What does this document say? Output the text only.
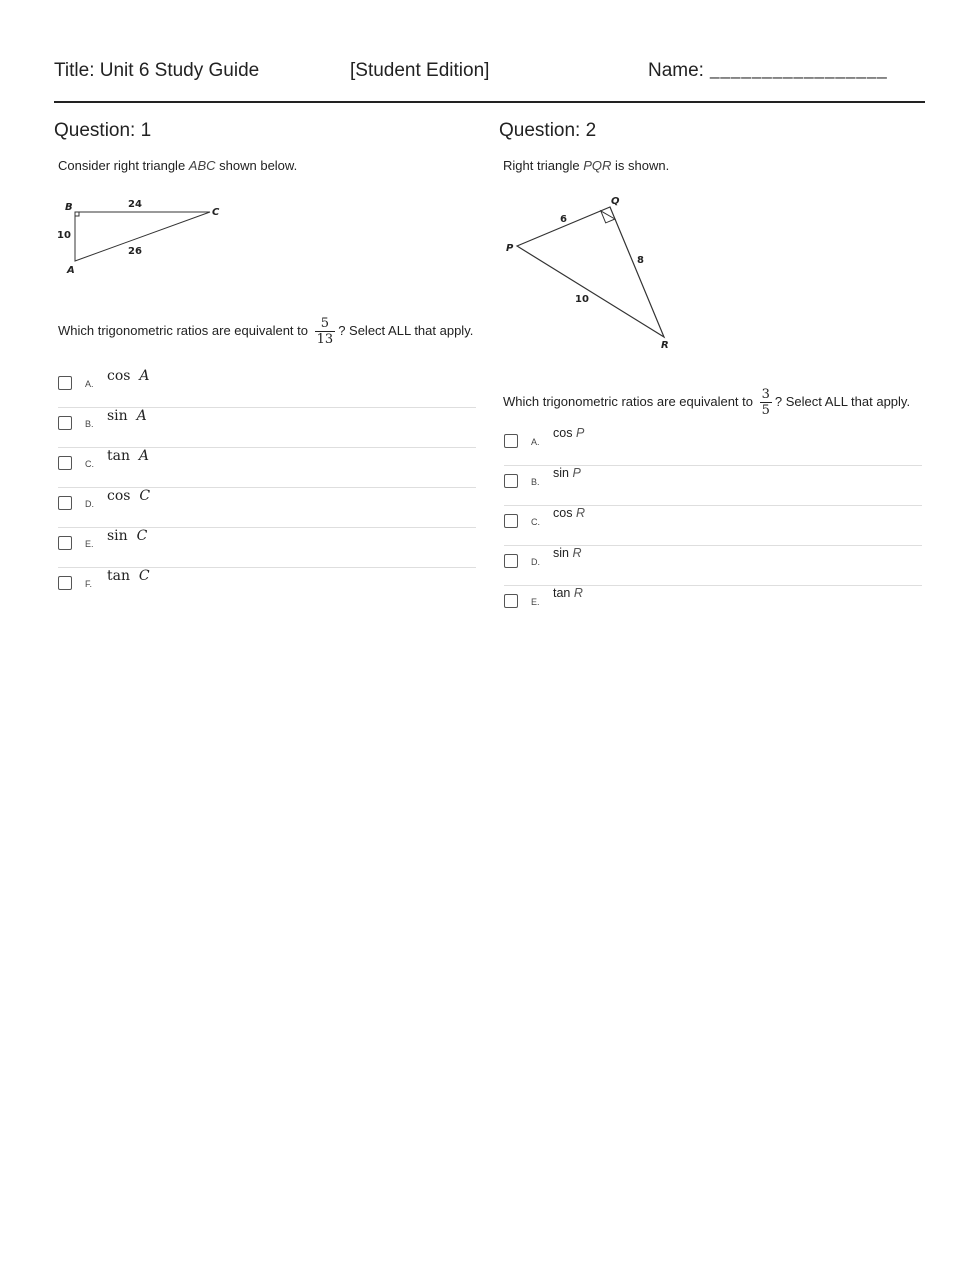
Title: Unit 6 Study Guide	[Student Edition]	Name: _________________
Question: 1
Consider right triangle ABC shown below.
B	C
A
24
10
26
Which trigonometric ratios are equivalent to $\frac{5}{13}$ ? Select ALL that apply.
A. cos A
B. sin A
C. tan A
D. cos C
E. sin C
F. tan C
Question: 2
Right triangle PQR is shown.
Q
P
R
6
8
10
Which trigonometric ratios are equivalent to $\frac{3}{5}$ ? Select ALL that apply.
A.
cos P
B.
sin P
C.
cos R
D.
sin R
E.
tan R
